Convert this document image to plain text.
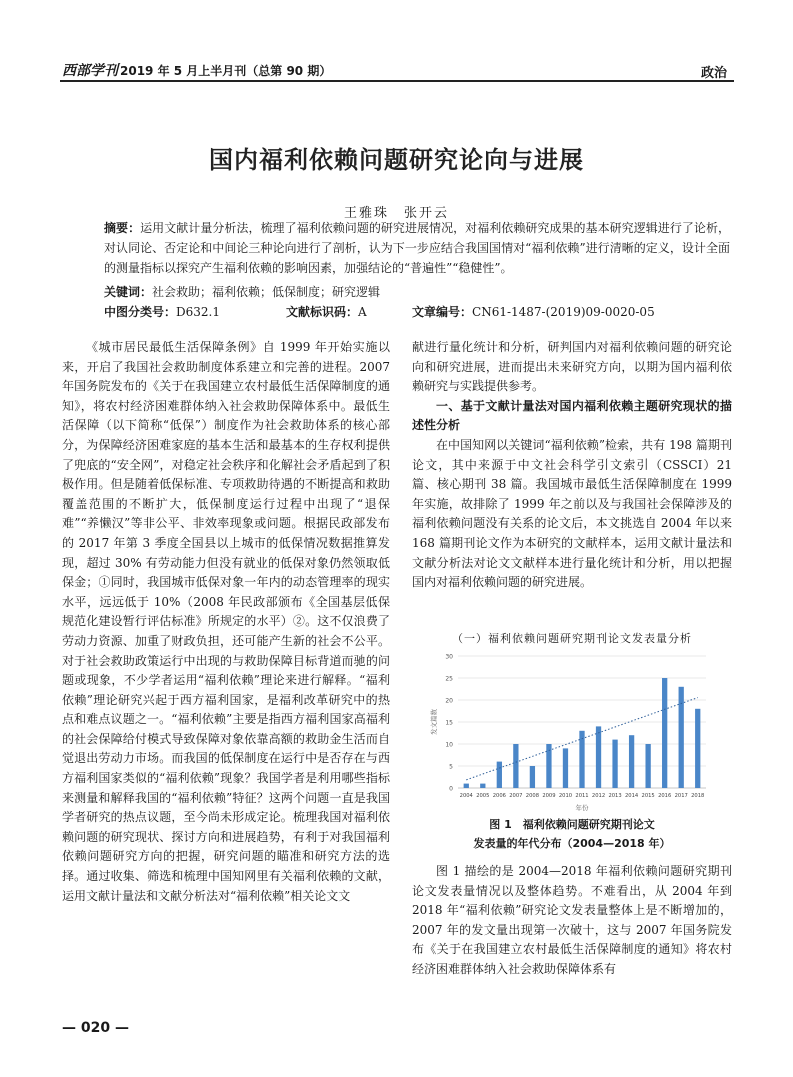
西部学刊 2019 年 5 月上半月刊（总第 90 期）	政治
国内福利依赖问题研究论向与进展
王雅珠　张开云
摘要：运用文献计量分析法，梳理了福利依赖问题的研究进展情况，对福利依赖研究成果的基本研究逻辑进行了论析，对认同论、否定论和中间论三种论向进行了剖析，认为下一步应结合我国国情对“福利依赖”进行清晰的定义，设计全面的测量指标以探究产生福利依赖的影响因素，加强结论的“普遍性”“稳健性”。
关键词：社会救助；福利依赖；低保制度；研究逻辑
中图分类号：D632.1	文献标识码：A	文章编号：CN61-1487-(2019)09-0020-05

《城市居民最低生活保障条例》自 1999 年开始实施以来，开启了我国社会救助制度体系建立和完善的进程。2007 年国务院发布的《关于在我国建立农村最低生活保障制度的通知》，将农村经济困难群体纳入社会救助保障体系中。最低生活保障（以下简称“低保”）制度作为社会救助体系的核心部分，为保障经济困难家庭的基本生活和最基本的生存权利提供了兜底的“安全网”，对稳定社会秩序和化解社会矛盾起到了积极作用。但是随着低保标准、专项救助待遇的不断提高和救助覆盖范围的不断扩大，低保制度运行过程中出现了“退保难”“养懒汉”等非公平、非效率现象或问题。根据民政部发布的 2017 年第 3 季度全国县以上城市的低保情况数据推算发现，超过 30% 有劳动能力但没有就业的低保对象仍然领取低保金；①同时，我国城市低保对象一年内的动态管理率的现实水平，远远低于 10%（2008 年民政部颁布《全国基层低保规范化建设暂行评估标准》所规定的水平）②。这不仅浪费了劳动力资源、加重了财政负担，还可能产生新的社会不公平。对于社会救助政策运行中出现的与救助保障目标背道而驰的问题或现象，不少学者运用“福利依赖”理论来进行解释。“福利依赖”理论研究兴起于西方福利国家，是福利改革研究中的热点和难点议题之一。“福利依赖”主要是指西方福利国家高福利的社会保障给付模式导致保障对象依靠高额的救助金生活而自觉退出劳动力市场。而我国的低保制度在运行中是否存在与西方福利国家类似的“福利依赖”现象？我国学者是利用哪些指标来测量和解释我国的“福利依赖”特征？这两个问题一直是我国学者研究的热点议题，至今尚未形成定论。梳理我国对福利依赖问题的研究现状、探讨方向和进展趋势，有利于对我国福利依赖问题研究方向的把握，研究问题的瞄准和研究方法的选择。通过收集、筛选和梳理中国知网里有关福利依赖的文献，运用文献计量法和文献分析法对“福利依赖”相关论文文

献进行量化统计和分析，研判国内对福利依赖问题的研究论向和研究进展，进而提出未来研究方向，以期为国内福利依赖研究与实践提供参考。

一、基于文献计量法对国内福利依赖主题研究现状的描述性分析

在中国知网以关键词“福利依赖”检索，共有 198 篇期刊论文，其中来源于中文社会科学引文索引（CSSCI）21 篇、核心期刊 38 篇。我国城市最低生活保障制度在 1999 年实施，故排除了 1999 年之前以及与我国社会保障涉及的福利依赖问题没有关系的论文后，本文挑选自 2004 年以来 168 篇期刊论文作为本研究的文献样本，运用文献计量法和文献分析法对论文文献样本进行量化统计和分析，用以把握国内对福利依赖问题的研究进展。

（一）福利依赖问题研究期刊论文发表量分析
0
5
10
15
20
25
30
2004 2005 2006 2007 2008 2009 2010 2011 2012 2013 2014 2015 2016 2017 2018
年份
发文篇数
图 1　福利依赖问题研究期刊论文
发表量的年代分布（2004—2018 年）

图 1 描绘的是 2004—2018 年福利依赖问题研究期刊论文发表量情况以及整体趋势。不难看出，从 2004 年到 2018 年“福利依赖”研究论文发表量整体上是不断增加的，2007 年的发文量出现第一次破十，这与 2007 年国务院发布《关于在我国建立农村最低生活保障制度的通知》将农村经济困难群体纳入社会救助保障体系有

— 020 —
